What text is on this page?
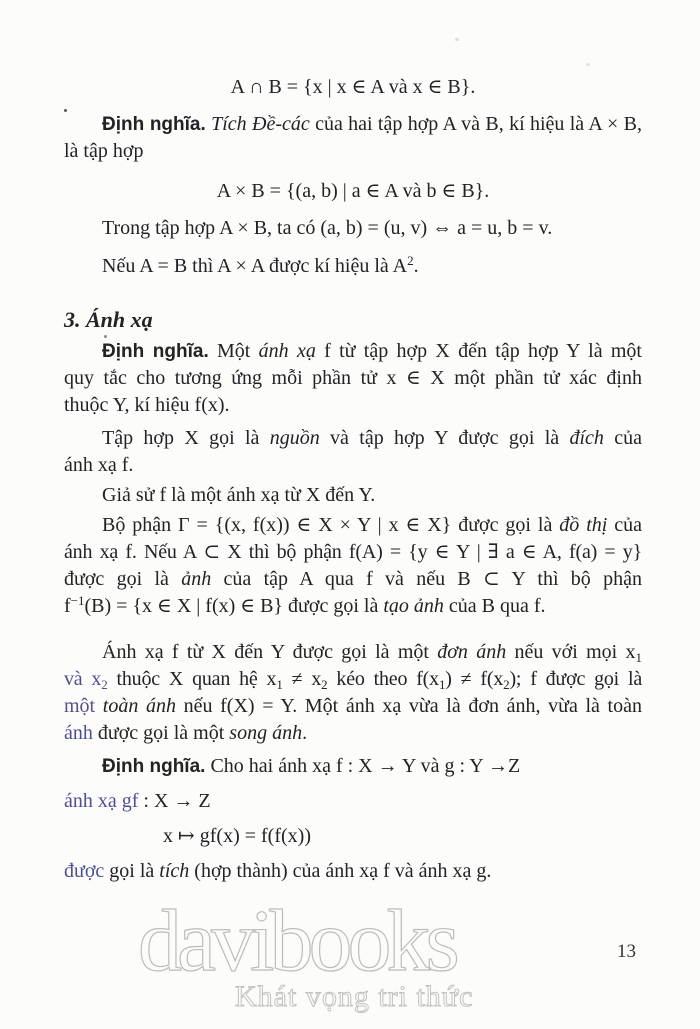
A ∩ B = {x | x ∈ A và x ∈ B}.
Định nghĩa. Tích Đề-các của hai tập hợp A và B, kí hiệu là A × B,
là tập hợp
A × B = {(a, b) | a ∈ A và b ∈ B}.
Trong tập hợp A × B, ta có (a, b) = (u, v) ⇔ a = u, b = v.
Nếu A = B thì A × A được kí hiệu là $A^2$.
3. Ánh xạ
Định nghĩa. Một ánh xạ f từ tập hợp X đến tập hợp Y là một
quy tắc cho tương ứng mỗi phần tử x ∈ X một phần tử xác định
thuộc Y, kí hiệu f(x).
Tập hợp X gọi là nguồn và tập hợp Y được gọi là đích của
ánh xạ f.
Giả sử f là một ánh xạ từ X đến Y.
Bộ phận Γ = {(x, f(x)) ∈ X × Y | x ∈ X} được gọi là đồ thị của
ánh xạ f. Nếu A ⊂ X thì bộ phận f(A) = {y ∈ Y | ∃ a ∈ A, f(a) = y}
được gọi là ảnh của tập A qua f và nếu B ⊂ Y thì bộ phận
$f^{-1}(B) = \{x$ ∈ X | f(x) ∈ B} được gọi là tạo ảnh của B qua f.
Ánh xạ f từ X đến Y được gọi là một đơn ánh nếu với mọi $x_1$
và $x_2$ thuộc X quan hệ $x_1 \ne x_2$ kéo theo $f(x_1) \ne f(x_2)$; f được gọi là
một toàn ánh nếu f(X) = Y. Một ánh xạ vừa là đơn ánh, vừa là toàn
ánh được gọi là một song ánh.
Định nghĩa. Cho hai ánh xạ f : X → Y và g : Y →Z
ánh xạ gf : X → Z
x ↦ gf(x) = f(f(x))
được gọi là tích (hợp thành) của ánh xạ f và ánh xạ g.
davibooks
Khát vọng tri thức
13
